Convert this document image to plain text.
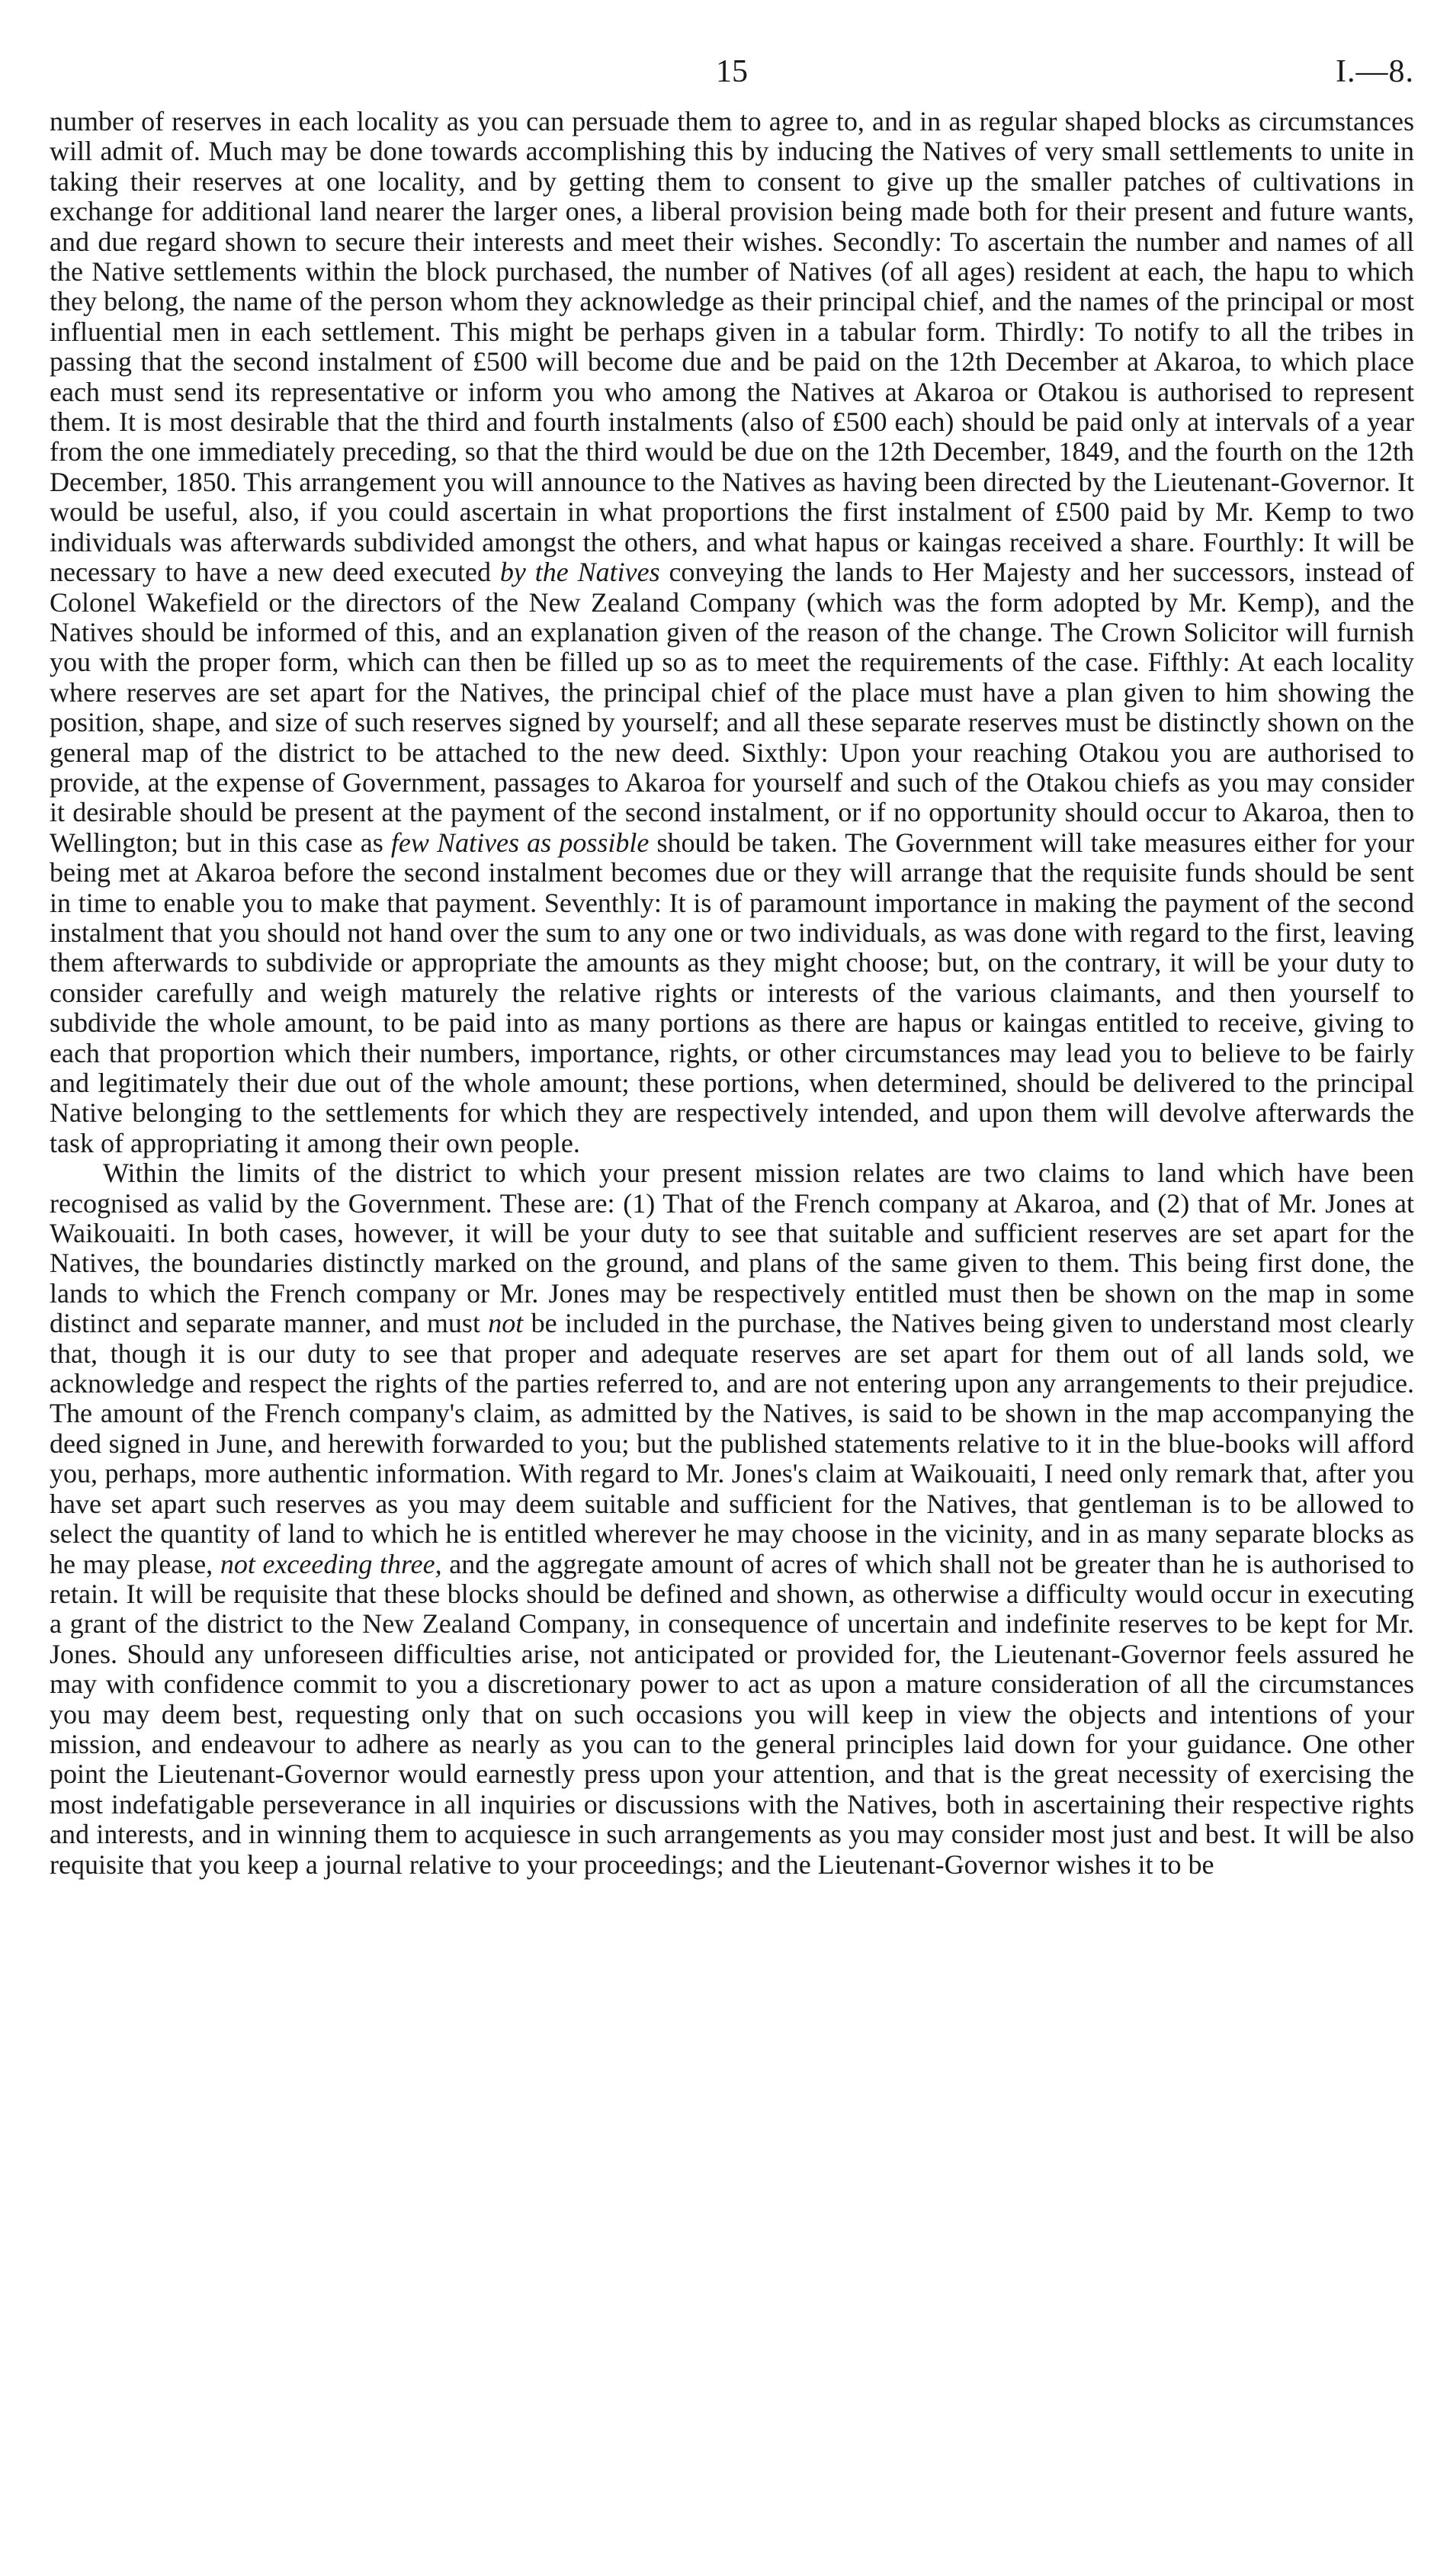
15	I.—8.

number of reserves in each locality as you can persuade them to agree to, and in as regular shaped blocks as circumstances will admit of. Much may be done towards accomplishing this by inducing the Natives of very small settlements to unite in taking their reserves at one locality, and by getting them to consent to give up the smaller patches of cultivations in exchange for additional land nearer the larger ones, a liberal provision being made both for their present and future wants, and due regard shown to secure their interests and meet their wishes. Secondly: To ascertain the number and names of all the Native settlements within the block purchased, the number of Natives (of all ages) resident at each, the hapu to which they belong, the name of the person whom they acknowledge as their principal chief, and the names of the principal or most influential men in each settlement. This might be perhaps given in a tabular form. Thirdly: To notify to all the tribes in passing that the second instalment of £500 will become due and be paid on the 12th December at Akaroa, to which place each must send its representative or inform you who among the Natives at Akaroa or Otakou is authorised to represent them. It is most desirable that the third and fourth instalments (also of £500 each) should be paid only at intervals of a year from the one immediately preceding, so that the third would be due on the 12th December, 1849, and the fourth on the 12th December, 1850. This arrangement you will announce to the Natives as having been directed by the Lieutenant-Governor. It would be useful, also, if you could ascertain in what proportions the first instalment of £500 paid by Mr. Kemp to two individuals was afterwards subdivided amongst the others, and what hapus or kaingas received a share. Fourthly: It will be necessary to have a new deed executed by the Natives conveying the lands to Her Majesty and her successors, instead of Colonel Wakefield or the directors of the New Zealand Company (which was the form adopted by Mr. Kemp), and the Natives should be informed of this, and an explanation given of the reason of the change. The Crown Solicitor will furnish you with the proper form, which can then be filled up so as to meet the requirements of the case. Fifthly: At each locality where reserves are set apart for the Natives, the principal chief of the place must have a plan given to him showing the position, shape, and size of such reserves signed by yourself; and all these separate reserves must be distinctly shown on the general map of the district to be attached to the new deed. Sixthly: Upon your reaching Otakou you are authorised to provide, at the expense of Government, passages to Akaroa for yourself and such of the Otakou chiefs as you may consider it desirable should be present at the payment of the second instalment, or if no opportunity should occur to Akaroa, then to Wellington; but in this case as few Natives as possible should be taken. The Government will take measures either for your being met at Akaroa before the second instalment becomes due or they will arrange that the requisite funds should be sent in time to enable you to make that payment. Seventhly: It is of paramount importance in making the payment of the second instalment that you should not hand over the sum to any one or two individuals, as was done with regard to the first, leaving them afterwards to subdivide or appropriate the amounts as they might choose; but, on the contrary, it will be your duty to consider carefully and weigh maturely the relative rights or interests of the various claimants, and then yourself to subdivide the whole amount, to be paid into as many portions as there are hapus or kaingas entitled to receive, giving to each that proportion which their numbers, importance, rights, or other circumstances may lead you to believe to be fairly and legitimately their due out of the whole amount; these portions, when determined, should be delivered to the principal Native belonging to the settlements for which they are respectively intended, and upon them will devolve afterwards the task of appropriating it among their own people.

Within the limits of the district to which your present mission relates are two claims to land which have been recognised as valid by the Government. These are: (1) That of the French company at Akaroa, and (2) that of Mr. Jones at Waikouaiti. In both cases, however, it will be your duty to see that suitable and sufficient reserves are set apart for the Natives, the boundaries distinctly marked on the ground, and plans of the same given to them. This being first done, the lands to which the French company or Mr. Jones may be respectively entitled must then be shown on the map in some distinct and separate manner, and must not be included in the purchase, the Natives being given to understand most clearly that, though it is our duty to see that proper and adequate reserves are set apart for them out of all lands sold, we acknowledge and respect the rights of the parties referred to, and are not entering upon any arrangements to their prejudice. The amount of the French company's claim, as admitted by the Natives, is said to be shown in the map accompanying the deed signed in June, and herewith forwarded to you; but the published statements relative to it in the blue-books will afford you, perhaps, more authentic information. With regard to Mr. Jones's claim at Waikouaiti, I need only remark that, after you have set apart such reserves as you may deem suitable and sufficient for the Natives, that gentleman is to be allowed to select the quantity of land to which he is entitled wherever he may choose in the vicinity, and in as many separate blocks as he may please, not exceeding three, and the aggregate amount of acres of which shall not be greater than he is authorised to retain. It will be requisite that these blocks should be defined and shown, as otherwise a difficulty would occur in executing a grant of the district to the New Zealand Company, in consequence of uncertain and indefinite reserves to be kept for Mr. Jones. Should any unforeseen difficulties arise, not anticipated or provided for, the Lieutenant-Governor feels assured he may with confidence commit to you a discretionary power to act as upon a mature consideration of all the circumstances you may deem best, requesting only that on such occasions you will keep in view the objects and intentions of your mission, and endeavour to adhere as nearly as you can to the general principles laid down for your guidance. One other point the Lieutenant-Governor would earnestly press upon your attention, and that is the great necessity of exercising the most indefatigable perseverance in all inquiries or discussions with the Natives, both in ascertaining their respective rights and interests, and in winning them to acquiesce in such arrangements as you may consider most just and best. It will be also requisite that you keep a journal relative to your proceedings; and the Lieutenant-Governor wishes it to be
